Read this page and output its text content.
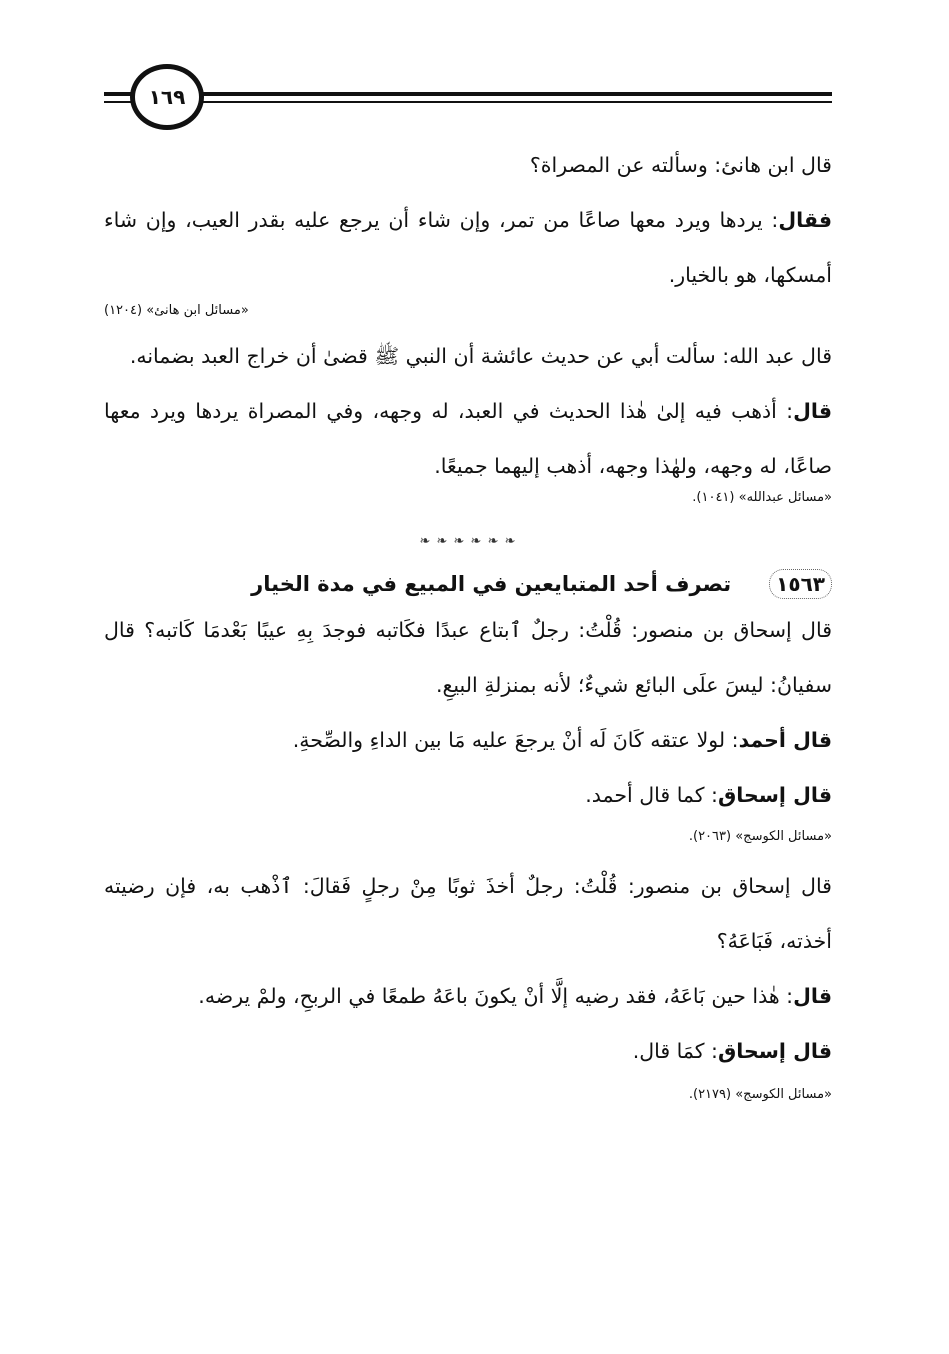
١٦٩

قال ابن هانئ: وسألته عن المصراة؟

فقال: يردها ويرد معها صاعًا من تمر، وإن شاء أن يرجع عليه بقدر العيب، وإن شاء أمسكها، هو بالخيار.

«مسائل ابن هانئ» (١٢٠٤)

قال عبد الله: سألت أبي عن حديث عائشة أن النبي ﷺ قضىٰ أن خراج العبد بضمانه.

قال: أذهب فيه إلىٰ هٰذا الحديث في العبد، له وجهه، وفي المصراة يردها ويرد معها صاعًا، له وجهه، ولهٰذا وجهه، أذهب إليهما جميعًا.

«مسائل عبدالله» (١٠٤١).

❧ ❧ ❧ ❧ ❧ ❧
١٥٦٣
تصرف أحد المتبايعين في المبيع في مدة الخيار

قال إسحاق بن منصور: قُلْتُ: رجلٌ ٱبتاع عبدًا فكَاتبه فوجدَ بِهِ عيبًا بَعْدمَا كَاتبه؟ قال سفيانُ: ليسَ علَى البائع شيءٌ؛ لأنه بمنزلةِ البيعِ.

قال أحمد: لولا عتقه كَانَ لَه أنْ يرجعَ عليه مَا بين الداءِ والصِّحةِ.

قال إسحاق: كما قال أحمد.

«مسائل الكوسج» (٢٠٦٣).

قال إسحاق بن منصور: قُلْتُ: رجلٌ أخذَ ثوبًا مِنْ رجلٍ فَقالَ: ٱذْهب به، فإن رضيته أخذته، فَبَاعَهُ؟

قال: هٰذا حين بَاعَهُ، فقد رضيه إلَّا أنْ يكونَ باعَهُ طمعًا في الربحِ، ولمْ يرضه.

قال إسحاق: كمَا قال.

«مسائل الكوسج» (٢١٧٩).
